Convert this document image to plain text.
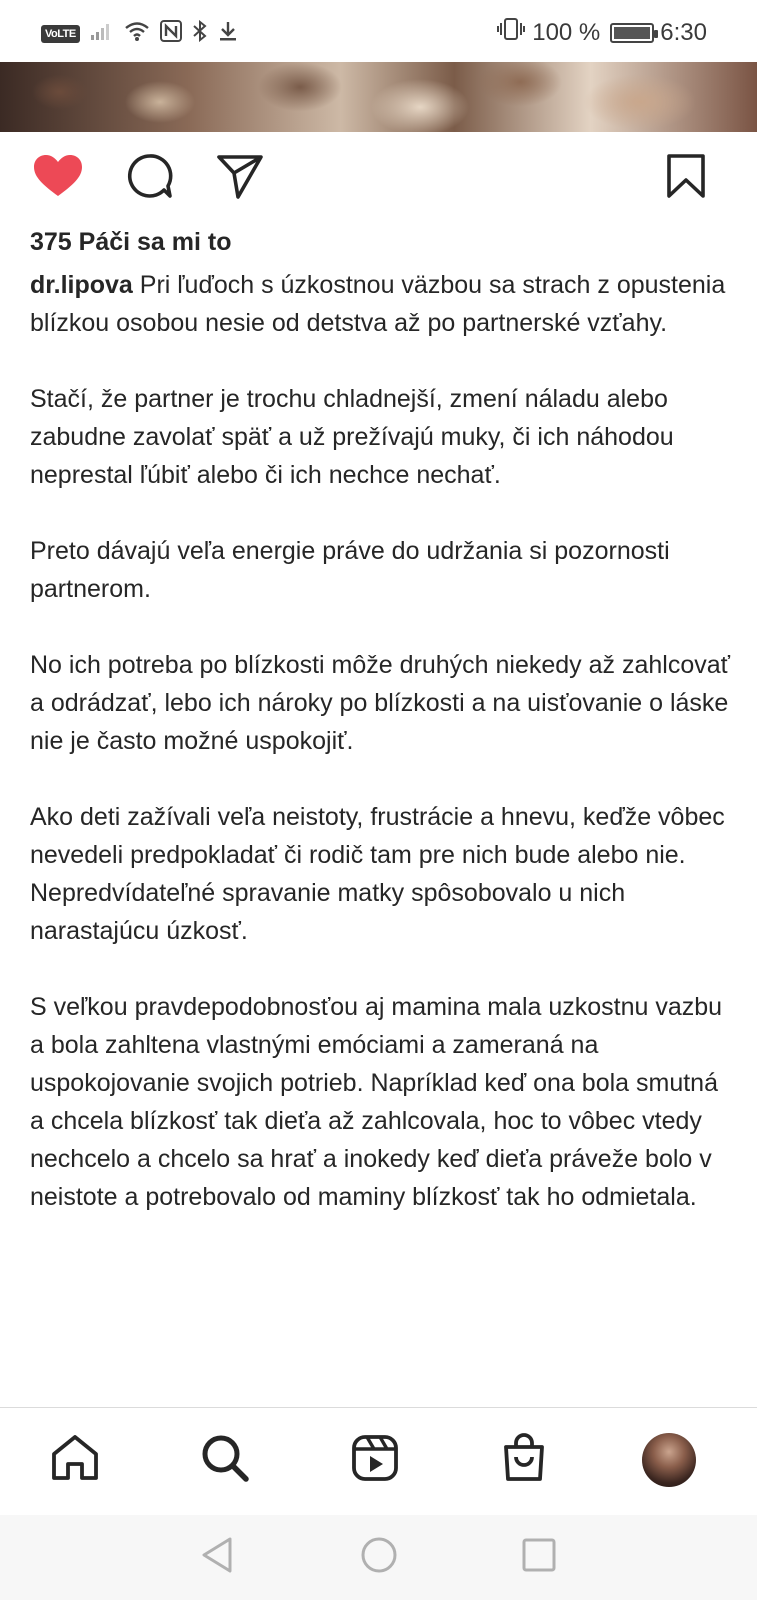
VoLTE	100 %	6:30
375 Páči sa mi to

dr.lipova Pri ľuďoch s úzkostnou väzbou sa strach z opustenia blízkou osobou nesie od detstva až po partnerské vzťahy.

Stačí, že partner je trochu chladnejší, zmení náladu alebo zabudne zavolať späť a už prežívajú muky, či ich náhodou neprestal ľúbiť alebo či ich nechce nechať.

Preto dávajú veľa energie práve do udržania si pozornosti partnerom.

No ich potreba po blízkosti môže druhých niekedy až zahlcovať a odrádzať, lebo ich nároky po blízkosti a na uisťovanie o láske nie je často možné uspokojiť.

Ako deti zažívali veľa neistoty, frustrácie a hnevu, keďže vôbec nevedeli predpokladať či rodič tam pre nich bude alebo nie. Nepredvídateľné spravanie matky spôsobovalo u nich narastajúcu úzkosť.

S veľkou pravdepodobnosťou aj mamina mala uzkostnu vazbu a bola zahltena vlastnými emóciami a zameraná na uspokojovanie svojich potrieb. Napríklad keď ona bola smutná a chcela blízkosť tak dieťa až zahlcovala, hoc to vôbec vtedy nechcelo a chcelo sa hrať a inokedy keď dieťa práveže bolo v neistote a potrebovalo od maminy blízkosť tak ho odmietala.
